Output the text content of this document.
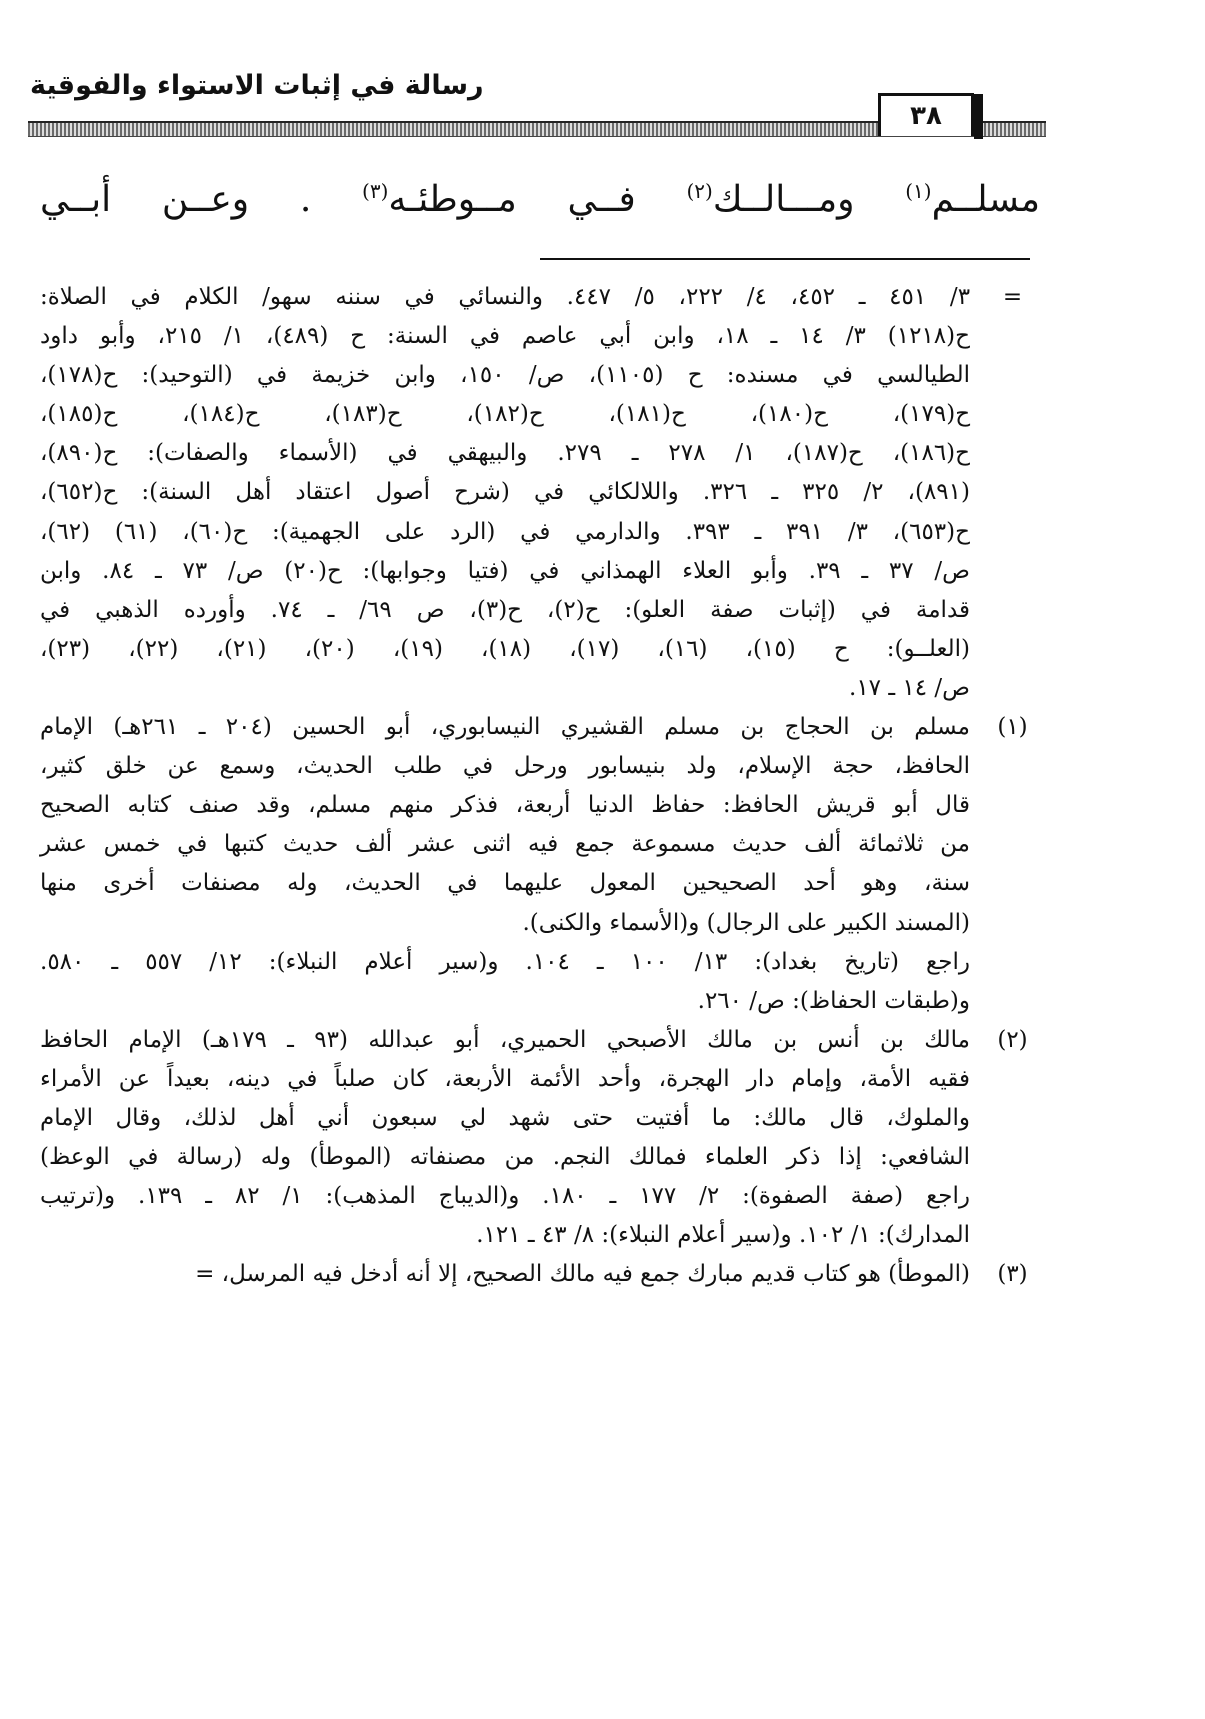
رسالة في إثبات الاستواء والفوقية
٣٨
مسلــم$^{(١)}$ ومـــالــك$^{(٢)}$ فــي مــوطئـه$^{(٣)}$ . وعــن أبــي
=
٣/ ٤٥١ ـ ٤٥٢، ٤/ ٢٢٢، ٥/ ٤٤٧. والنسائي في سننه سهو/ الكلام في الصلاة:
ح(١٢١٨) ٣/ ١٤ ـ ١٨، وابن أبي عاصم في السنة: ح (٤٨٩)، ١/ ٢١٥، وأبو داود
الطيالسي في مسنده: ح (١١٠٥)، ص/ ١٥٠، وابن خزيمة في (التوحيد): ح(١٧٨)،
ح(١٧٩)، ح(١٨٠)، ح(١٨١)، ح(١٨٢)، ح(١٨٣)، ح(١٨٤)، ح(١٨٥)،
ح(١٨٦)، ح(١٨٧)، ١/ ٢٧٨ ـ ٢٧٩. والبيهقي في (الأسماء والصفات): ح(٨٩٠)،
(٨٩١)، ٢/ ٣٢٥ ـ ٣٢٦. واللالكائي في (شرح أصول اعتقاد أهل السنة): ح(٦٥٢)،
ح(٦٥٣)، ٣/ ٣٩١ ـ ٣٩٣. والدارمي في (الرد على الجهمية): ح(٦٠)، (٦١) (٦٢)،
ص/ ٣٧ ـ ٣٩. وأبو العلاء الهمذاني في (فتيا وجوابها): ح(٢٠) ص/ ٧٣ ـ ٨٤. وابن
قدامة في (إثبات صفة العلو): ح(٢)، ح(٣)، ص ٦٩/ ـ ٧٤. وأورده الذهبي في
(العلــو): ح (١٥)، (١٦)، (١٧)، (١٨)، (١٩)، (٢٠)، (٢١)، (٢٢)، (٢٣)،
ص/ ١٤ ـ ١٧.
(١)
مسلم بن الحجاج بن مسلم القشيري النيسابوري، أبو الحسين (٢٠٤ ـ ٢٦١هـ) الإمام
الحافظ، حجة الإسلام، ولد بنيسابور ورحل في طلب الحديث، وسمع عن خلق كثير،
قال أبو قريش الحافظ: حفاظ الدنيا أربعة، فذكر منهم مسلم، وقد صنف كتابه الصحيح
من ثلاثمائة ألف حديث مسموعة جمع فيه اثنى عشر ألف حديث كتبها في خمس عشر
سنة، وهو أحد الصحيحين المعول عليهما في الحديث، وله مصنفات أخرى منها
(المسند الكبير على الرجال) و(الأسماء والكنى).
راجع (تاريخ بغداد): ١٣/ ١٠٠ ـ ١٠٤. و(سير أعلام النبلاء): ١٢/ ٥٥٧ ـ ٥٨٠.
و(طبقات الحفاظ): ص/ ٢٦٠.
(٢)
مالك بن أنس بن مالك الأصبحي الحميري، أبو عبدالله (٩٣ ـ ١٧٩هـ) الإمام الحافظ
فقيه الأمة، وإمام دار الهجرة، وأحد الأئمة الأربعة، كان صلباً في دينه، بعيداً عن الأمراء
والملوك، قال مالك: ما أفتيت حتى شهد لي سبعون أني أهل لذلك، وقال الإمام
الشافعي: إذا ذكر العلماء فمالك النجم. من مصنفاته (الموطأ) وله (رسالة في الوعظ)
راجع (صفة الصفوة): ٢/ ١٧٧ ـ ١٨٠. و(الديباج المذهب): ١/ ٨٢ ـ ١٣٩. و(ترتيب
المدارك): ١/ ١٠٢. و(سير أعلام النبلاء): ٨/ ٤٣ ـ ١٢١.
(٣)
(الموطأ) هو كتاب قديم مبارك جمع فيه مالك الصحيح، إلا أنه أدخل فيه المرسل، =
